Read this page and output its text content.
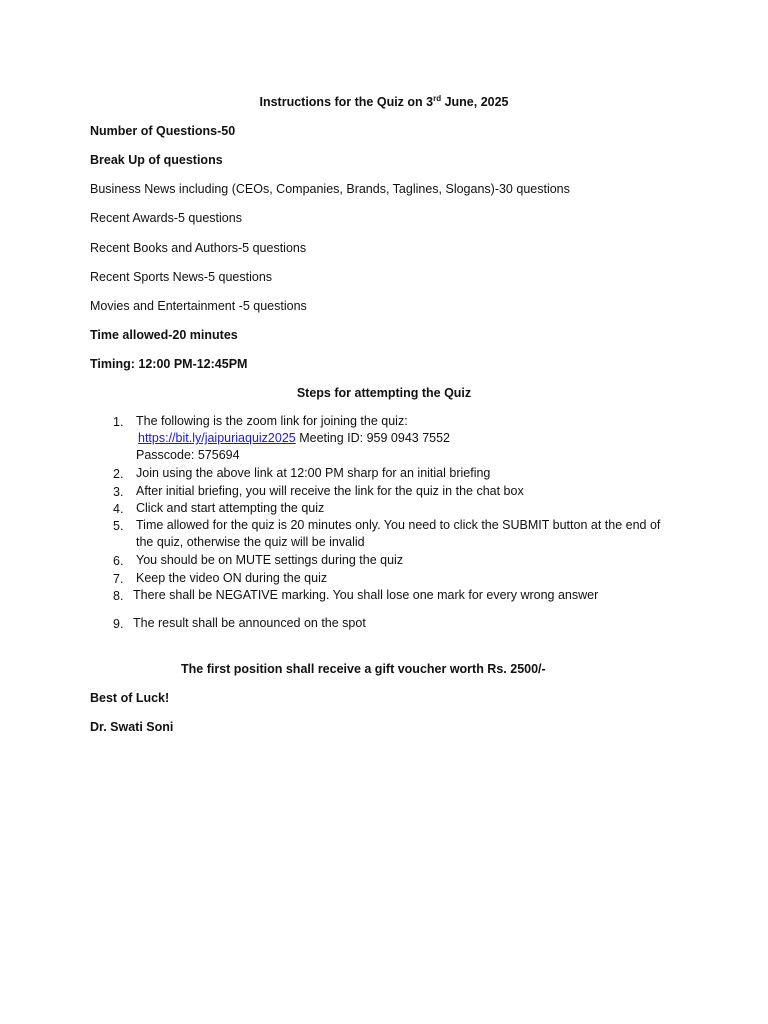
Instructions for the Quiz on 3rd June, 2025
Number of Questions-50
Break Up of questions
Business News including (CEOs, Companies, Brands, Taglines, Slogans)-30 questions
Recent Awards-5 questions
Recent Books and Authors-5 questions
Recent Sports News-5 questions
Movies and Entertainment -5 questions
Time allowed-20 minutes
Timing: 12:00 PM-12:45PM
Steps for attempting the Quiz
1. The following is the zoom link for joining the quiz:
https://bit.ly/jaipuriaquiz2025 Meeting ID: 959 0943 7552
Passcode: 575694
2. Join using the above link at 12:00 PM sharp for an initial briefing
3. After initial briefing, you will receive the link for the quiz in the chat box
4. Click and start attempting the quiz
5. Time allowed for the quiz is 20 minutes only. You need to click the SUBMIT button at the end of
the quiz, otherwise the quiz will be invalid
6. You should be on MUTE settings during the quiz
7. Keep the video ON during the quiz
8. There shall be NEGATIVE marking. You shall lose one mark for every wrong answer
9. The result shall be announced on the spot
The first position shall receive a gift voucher worth Rs. 2500/-
Best of Luck!
Dr. Swati Soni
